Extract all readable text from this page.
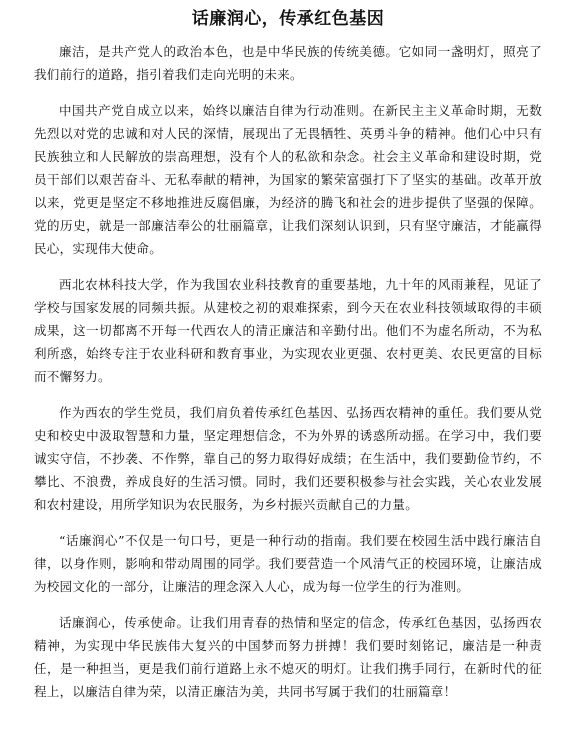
话廉润心，传承红色基因

廉洁，是共产党人的政治本色，也是中华民族的传统美德。它如同一盏明灯，照亮了我们前行的道路，指引着我们走向光明的未来。

中国共产党自成立以来，始终以廉洁自律为行动准则。在新民主主义革命时期，无数先烈以对党的忠诚和对人民的深情，展现出了无畏牺牲、英勇斗争的精神。他们心中只有民族独立和人民解放的崇高理想，没有个人的私欲和杂念。社会主义革命和建设时期，党员干部们以艰苦奋斗、无私奉献的精神，为国家的繁荣富强打下了坚实的基础。改革开放以来，党更是坚定不移地推进反腐倡廉，为经济的腾飞和社会的进步提供了坚强的保障。党的历史，就是一部廉洁奉公的壮丽篇章，让我们深刻认识到，只有坚守廉洁，才能赢得民心，实现伟大使命。

西北农林科技大学，作为我国农业科技教育的重要基地，九十年的风雨兼程，见证了学校与国家发展的同频共振。从建校之初的艰难探索，到今天在农业科技领域取得的丰硕成果，这一切都离不开每一代西农人的清正廉洁和辛勤付出。他们不为虚名所动，不为私利所惑，始终专注于农业科研和教育事业，为实现农业更强、农村更美、农民更富的目标而不懈努力。

作为西农的学生党员，我们肩负着传承红色基因、弘扬西农精神的重任。我们要从党史和校史中汲取智慧和力量，坚定理想信念，不为外界的诱惑所动摇。在学习中，我们要诚实守信，不抄袭、不作弊，靠自己的努力取得好成绩；在生活中，我们要勤俭节约，不攀比、不浪费，养成良好的生活习惯。同时，我们还要积极参与社会实践，关心农业发展和农村建设，用所学知识为农民服务，为乡村振兴贡献自己的力量。

“话廉润心”不仅是一句口号，更是一种行动的指南。我们要在校园生活中践行廉洁自律，以身作则，影响和带动周围的同学。我们要营造一个风清气正的校园环境，让廉洁成为校园文化的一部分，让廉洁的理念深入人心，成为每一位学生的行为准则。

话廉润心，传承使命。让我们用青春的热情和坚定的信念，传承红色基因，弘扬西农精神，为实现中华民族伟大复兴的中国梦而努力拼搏！我们要时刻铭记，廉洁是一种责任，是一种担当，更是我们前行道路上永不熄灭的明灯。让我们携手同行，在新时代的征程上，以廉洁自律为荣，以清正廉洁为美，共同书写属于我们的壮丽篇章！
